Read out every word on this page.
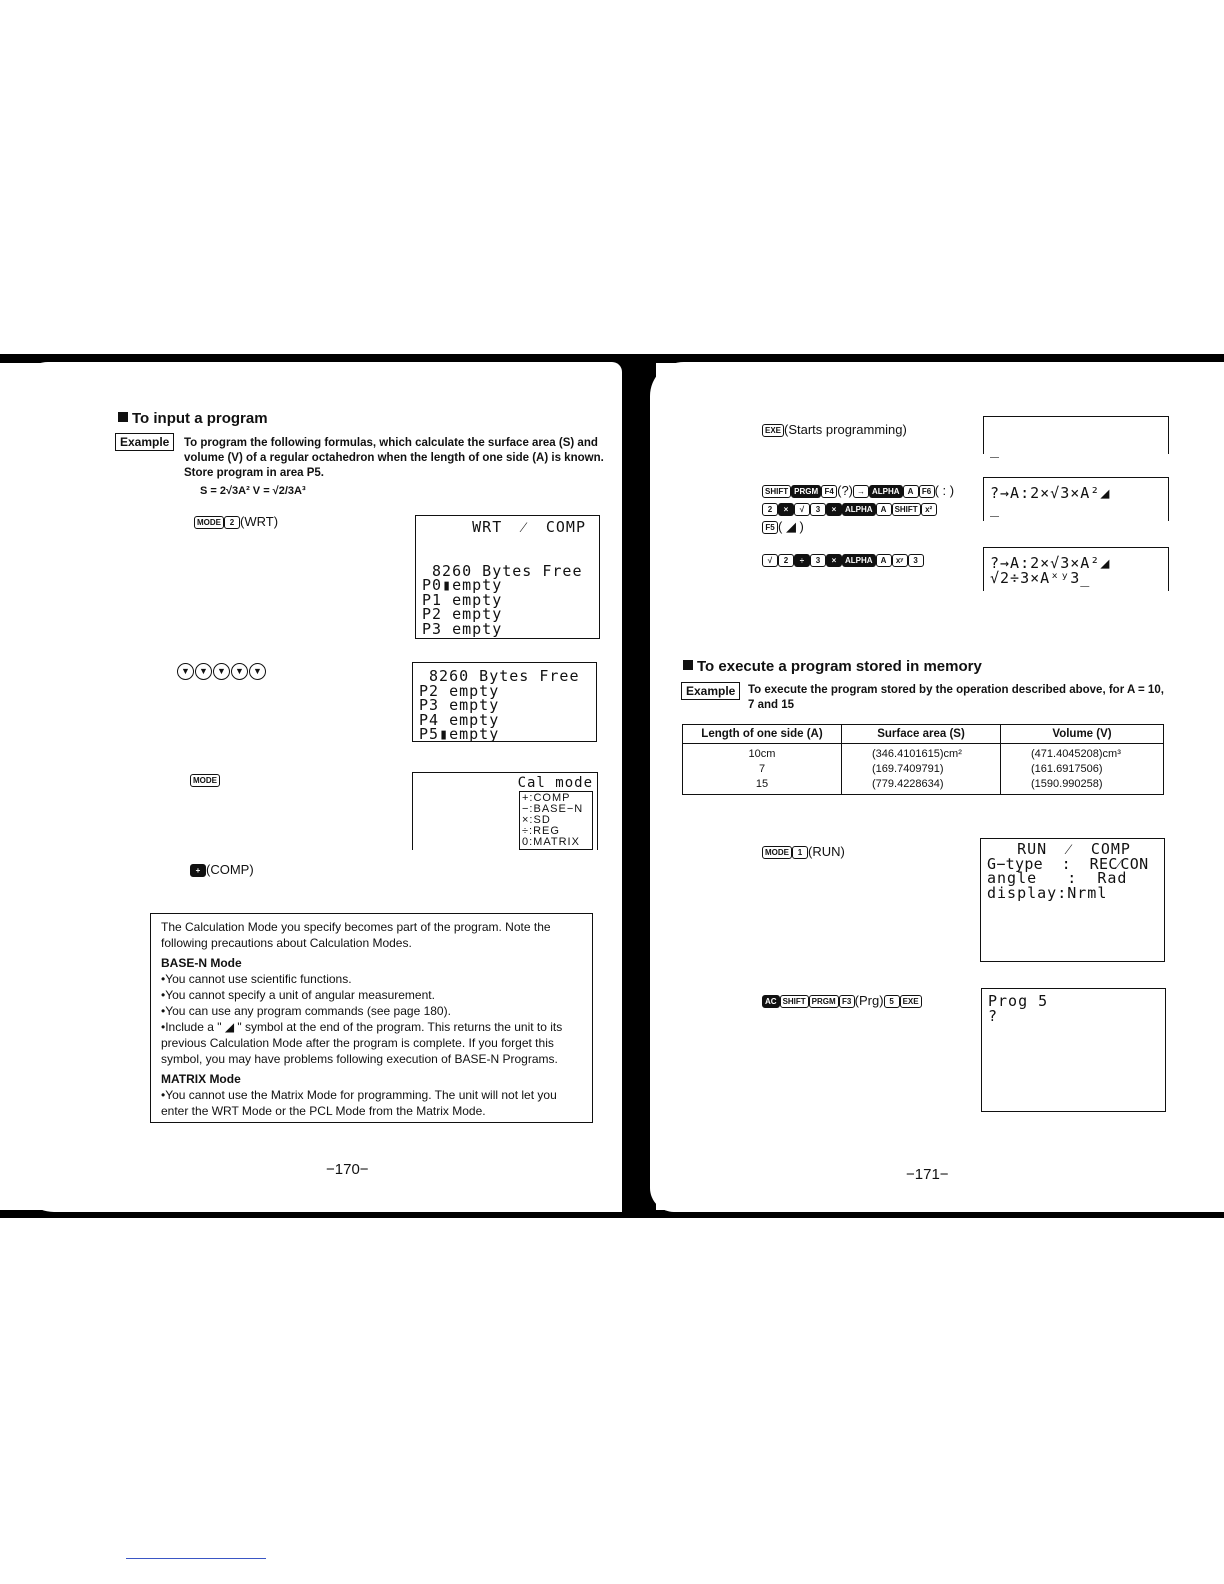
To input a program
Example	To program the following formulas, which calculate the surface area (S) and volume (V) of a regular octahedron when the length of one side (A) is known. Store program in area P5.
S = 2√3A² V = √2/3A³
MODE 2 (WRT)	WRT  ⁄  COMP
8260 Bytes Free
P0▮empty
P1 empty
P2 empty
P3 empty
▼ ▼ ▼ ▼ ▼	8260 Bytes Free
P2 empty
P3 empty
P4 empty
P5▮empty
MODE	Cal mode
+:COMP
−:BASE−N
×:SD
÷:REG
0:MATRIX
+ (COMP)
The Calculation Mode you specify becomes part of the program. Note the following precautions about Calculation Modes.
BASE-N Mode
•You cannot use scientific functions.
•You cannot specify a unit of angular measurement.
•You can use any program commands (see page 180).
•Include a " ◢ " symbol at the end of the program. This returns the unit to its previous Calculation Mode after the program is complete. If you forget this symbol, you may have problems following execution of BASE-N Programs.
MATRIX Mode
•You cannot use the Matrix Mode for programming. The unit will not let you enter the WRT Mode or the PCL Mode from the Matrix Mode.
−170−
EXE (Starts programming)
_
SHIFT PRGM F4 (?) → ALPHA A F6 ( : )
2 × √ 3 × ALPHA A SHIFT x²
F5 ( ◢ )
?→A:2×√3×A²◢
_
√ 2 ÷ 3 × ALPHA A xʸ 3	?→A:2×√3×A²◢
√2÷3×Aˣʸ3_
To execute a program stored in memory
Example	To execute the program stored by the operation described above, for A = 10, 7 and 15
Length of one side (A)	Surface area (S)	Volume (V)
10cm	(346.4101615)cm²	(471.4045208)cm³
7	(169.7409791)	(161.6917506)
15	(779.4228634)	(1590.990258)
MODE 1 (RUN)	RUN  ⁄  COMP
G−type  :  REC⁄CON
angle   :  Rad
display:Nrml
AC SHIFT PRGM F3 (Prg) 5 EXE	Prog 5
?
−171−
